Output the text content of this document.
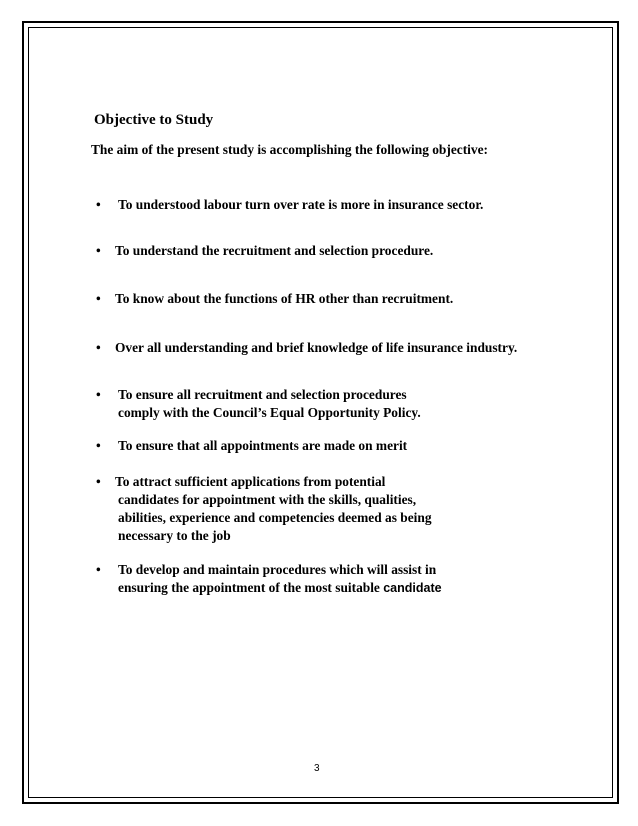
Objective to Study

The aim of the present study is accomplishing the following objective:

• To understood labour turn over rate is more in insurance sector.
• To understand the recruitment and selection procedure.
• To know about the functions of HR other than recruitment.
• Over all understanding and brief knowledge of life insurance industry.
• To ensure all recruitment and selection procedures
comply with the Council’s Equal Opportunity Policy.
• To ensure that all appointments are made on merit
• To attract sufficient applications from potential
candidates for appointment with the skills, qualities,
abilities, experience and competencies deemed as being
necessary to the job
• To develop and maintain procedures which will assist in
ensuring the appointment of the most suitable candidate

3
